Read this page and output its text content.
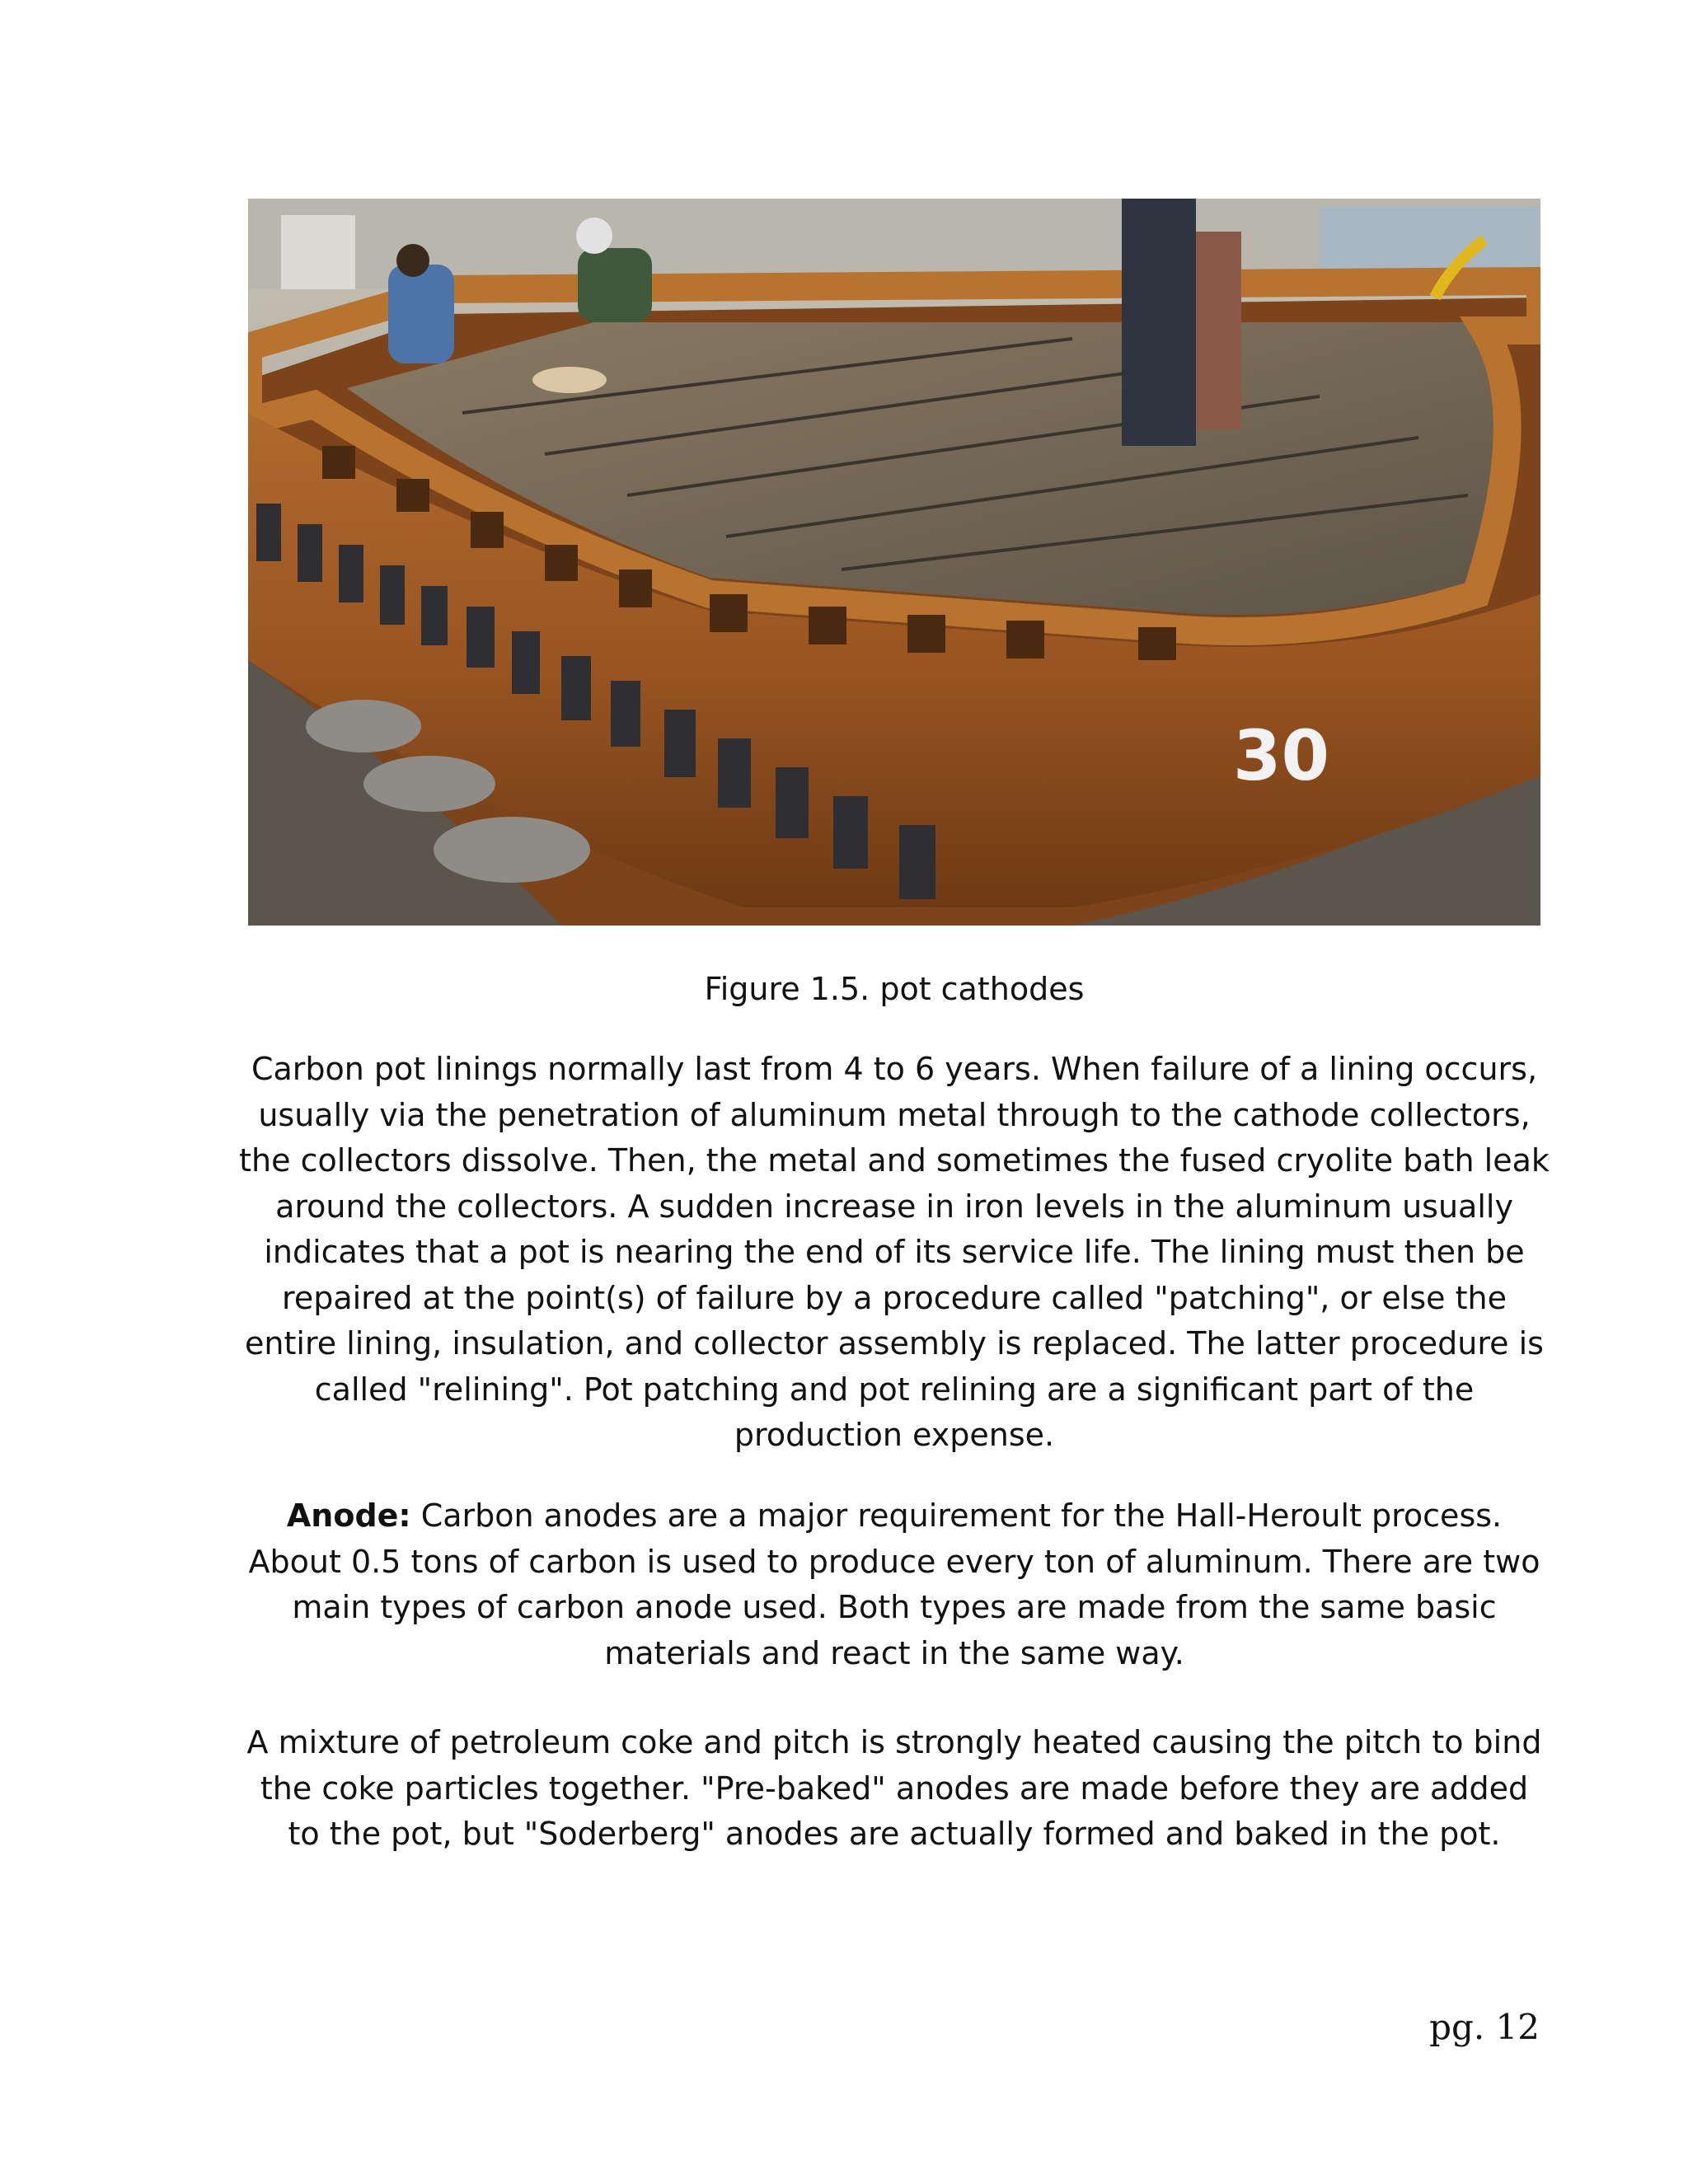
30

Figure 1.5. pot cathodes

Carbon pot linings normally last from 4 to 6 years. When failure of a lining occurs,
usually via the penetration of aluminum metal through to the cathode collectors,
the collectors dissolve. Then, the metal and sometimes the fused cryolite bath leak
around the collectors. A sudden increase in iron levels in the aluminum usually
indicates that a pot is nearing the end of its service life. The lining must then be
repaired at the point(s) of failure by a procedure called "patching", or else the
entire lining, insulation, and collector assembly is replaced. The latter procedure is
called "relining". Pot patching and pot relining are a significant part of the
production expense.
Anode: Carbon anodes are a major requirement for the Hall-Heroult process.
About 0.5 tons of carbon is used to produce every ton of aluminum. There are two
main types of carbon anode used. Both types are made from the same basic
materials and react in the same way.
A mixture of petroleum coke and pitch is strongly heated causing the pitch to bind
the coke particles together. "Pre-baked" anodes are made before they are added
to the pot, but "Soderberg" anodes are actually formed and baked in the pot.

pg. 12
